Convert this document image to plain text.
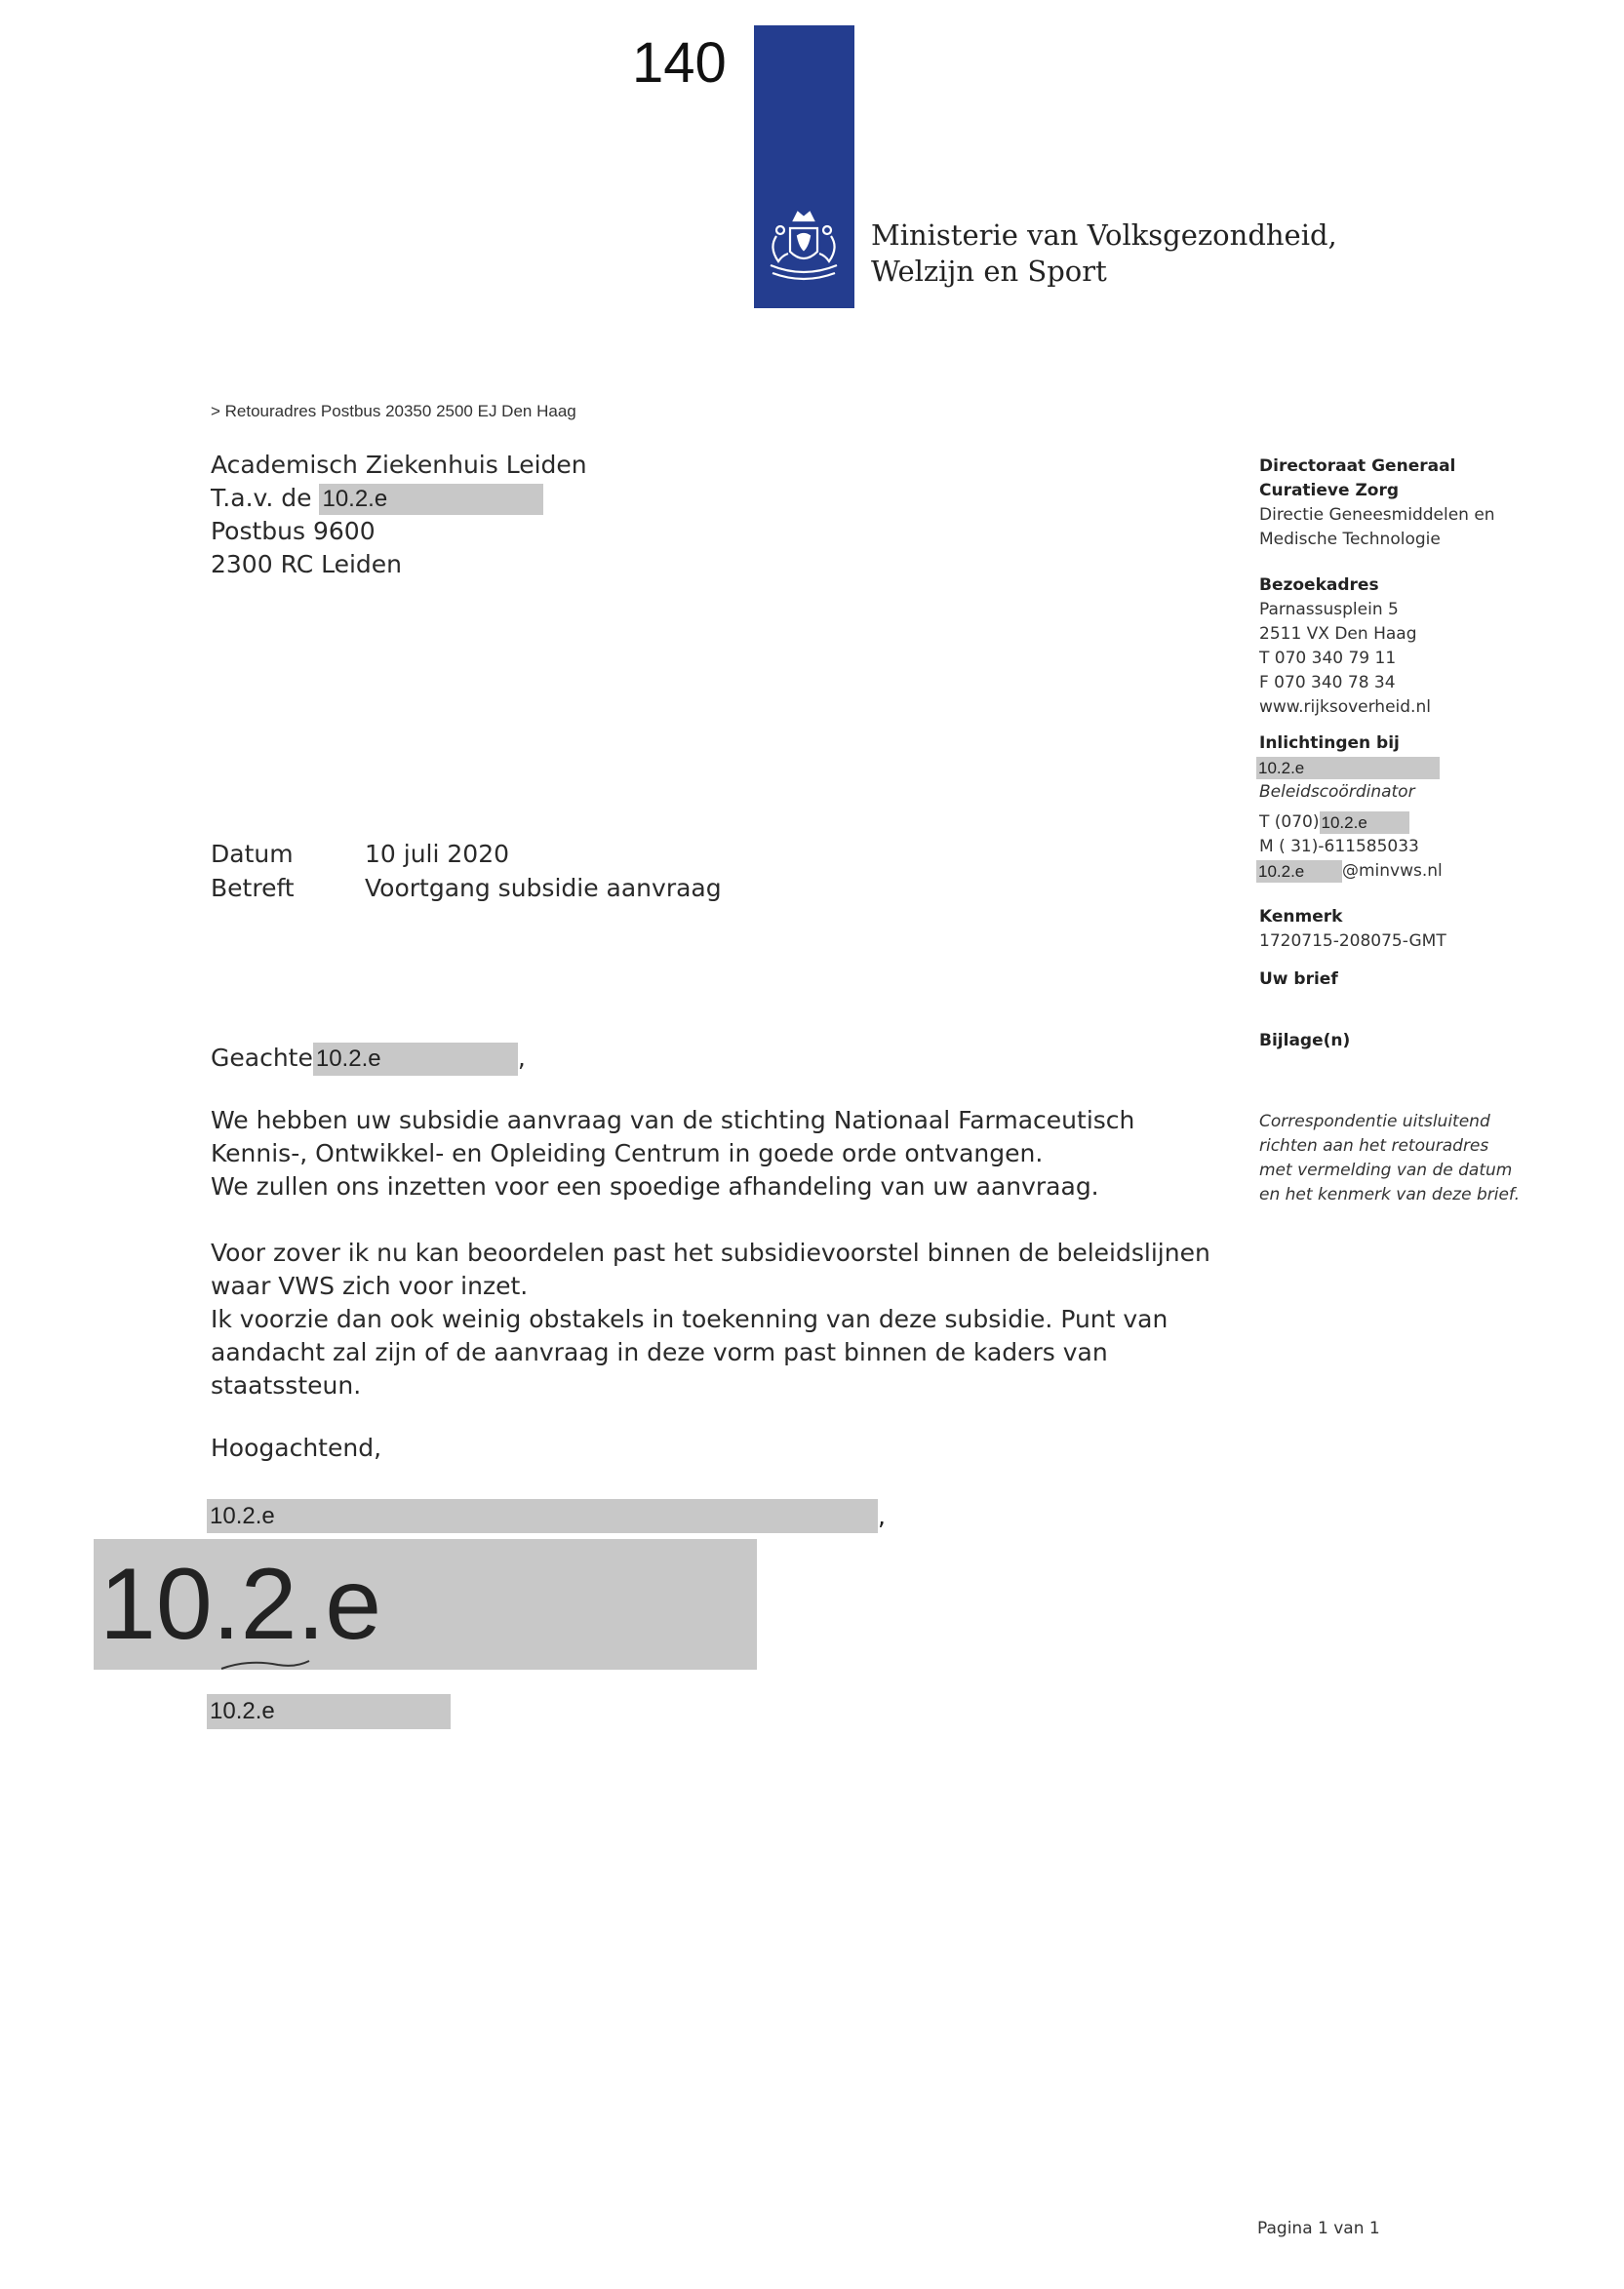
140
Ministerie van Volksgezondheid,
Welzijn en Sport
> Retouradres Postbus 20350 2500 EJ Den Haag
Academisch Ziekenhuis Leiden
T.a.v. de 10.2.e
Postbus 9600
2300 RC Leiden
Datum	10 juli 2020
Betreft	Voortgang subsidie aanvraag
Geachte 10.2.e	,
We hebben uw subsidie aanvraag van de stichting Nationaal Farmaceutisch
Kennis-, Ontwikkel- en Opleiding Centrum in goede orde ontvangen.
We zullen ons inzetten voor een spoedige afhandeling van uw aanvraag.
Voor zover ik nu kan beoordelen past het subsidievoorstel binnen de beleidslijnen
waar VWS zich voor inzet.
Ik voorzie dan ook weinig obstakels in toekenning van deze subsidie. Punt van
aandacht zal zijn of de aanvraag in deze vorm past binnen de kaders van
staatssteun.
Hoogachtend,
10.2.e	,
10.2.e
10.2.e
Directoraat Generaal
Curatieve Zorg
Directie Geneesmiddelen en
Medische Technologie
Bezoekadres
Parnassusplein 5
2511 VX Den Haag
T 070 340 79 11
F 070 340 78 34
www.rijksoverheid.nl
Inlichtingen bij
10.2.e
Beleidscoördinator
T (070) 10.2.e
M ( 31)-611585033
10.2.e @minvws.nl
Kenmerk
1720715-208075-GMT
Uw brief
Bijlage(n)
Correspondentie uitsluitend richten aan het retouradres met vermelding van de datum en het kenmerk van deze brief.
Pagina 1 van 1
